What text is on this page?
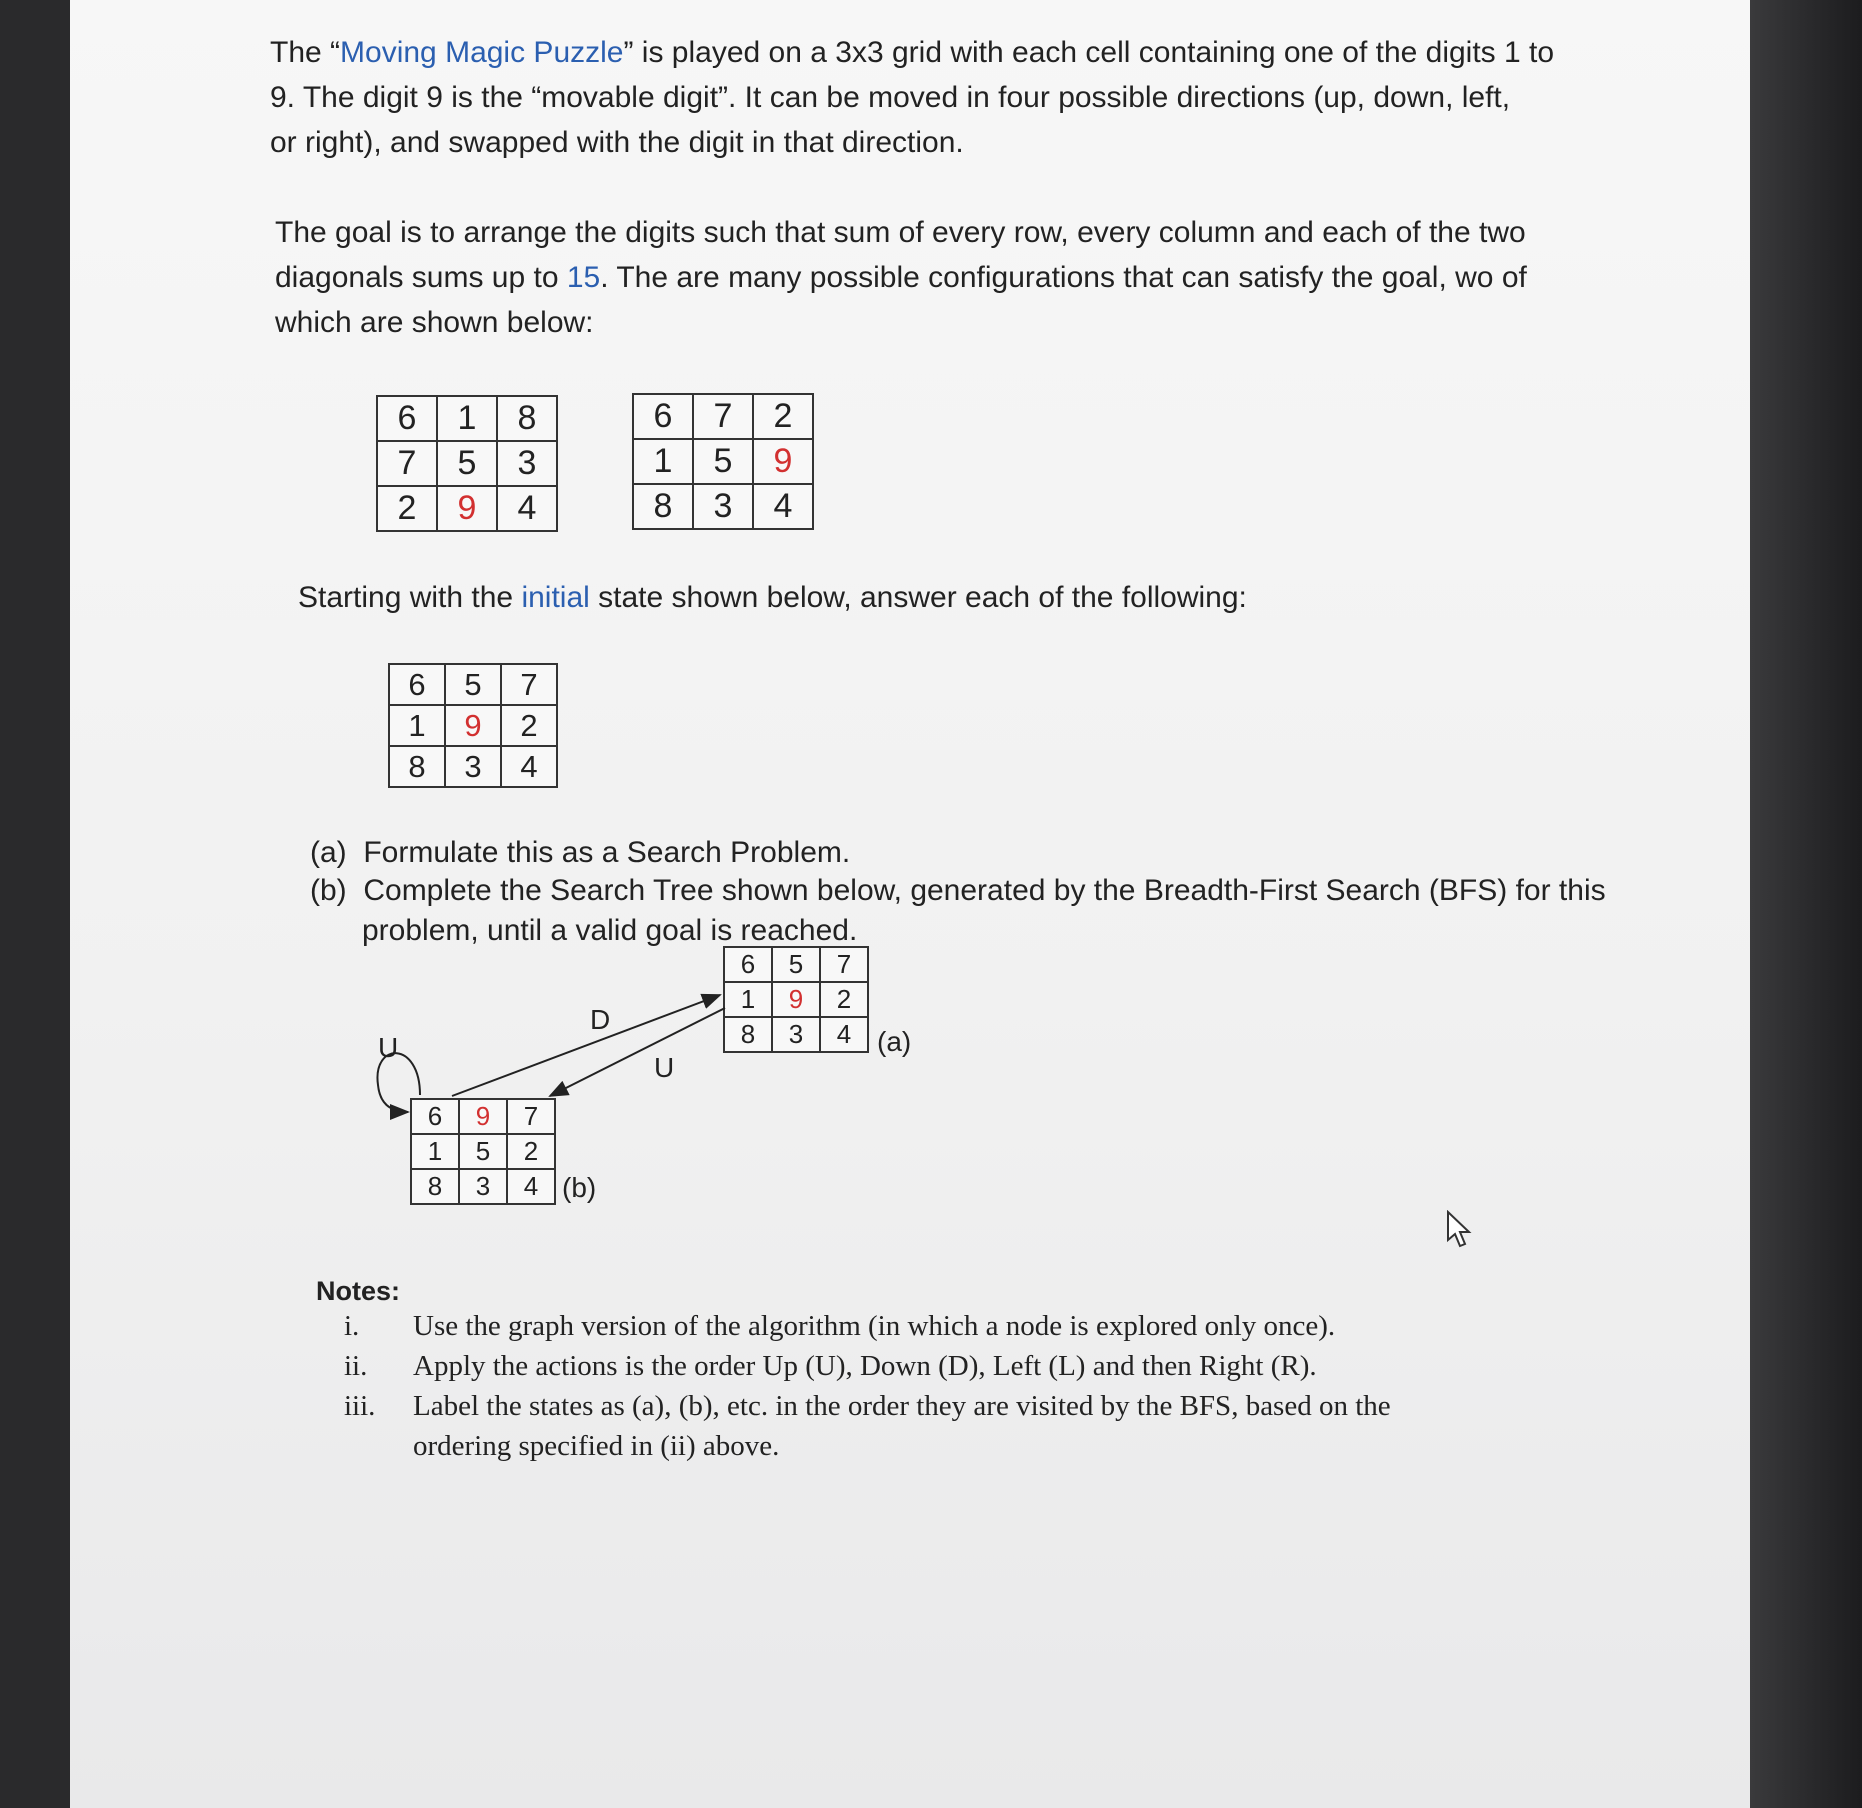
The “Moving Magic Puzzle” is played on a 3x3 grid with each cell containing one of the digits 1 to
9. The digit 9 is the “movable digit”. It can be moved in four possible directions (up, down, left,
or right), and swapped with the digit in that direction.

The goal is to arrange the digits such that sum of every row, every column and each of the two
diagonals sums up to 15. The are many possible configurations that can satisfy the goal, wo of
which are shown below:

6	1	8
7	5	3
2	9	4
6	7	2
1	5	9
8	3	4

Starting with the initial state shown below, answer each of the following:

6	5	7
1	9	2
8	3	4

(a) Formulate this as a Search Problem.

(b) Complete the Search Tree shown below, generated by the Breadth-First Search (BFS) for this

problem, until a valid goal is reached.

6	5	7
1	9	2
8	3	4 (a)
6	9	7
1	5	2
8	3	4 (b)
U
D
U
Notes:
i. Use the graph version of the algorithm (in which a node is explored only once).
ii. Apply the actions is the order Up (U), Down (D), Left (L) and then Right (R).
iii. Label the states as (a), (b), etc. in the order they are visited by the BFS, based on the
ordering specified in (ii) above.
